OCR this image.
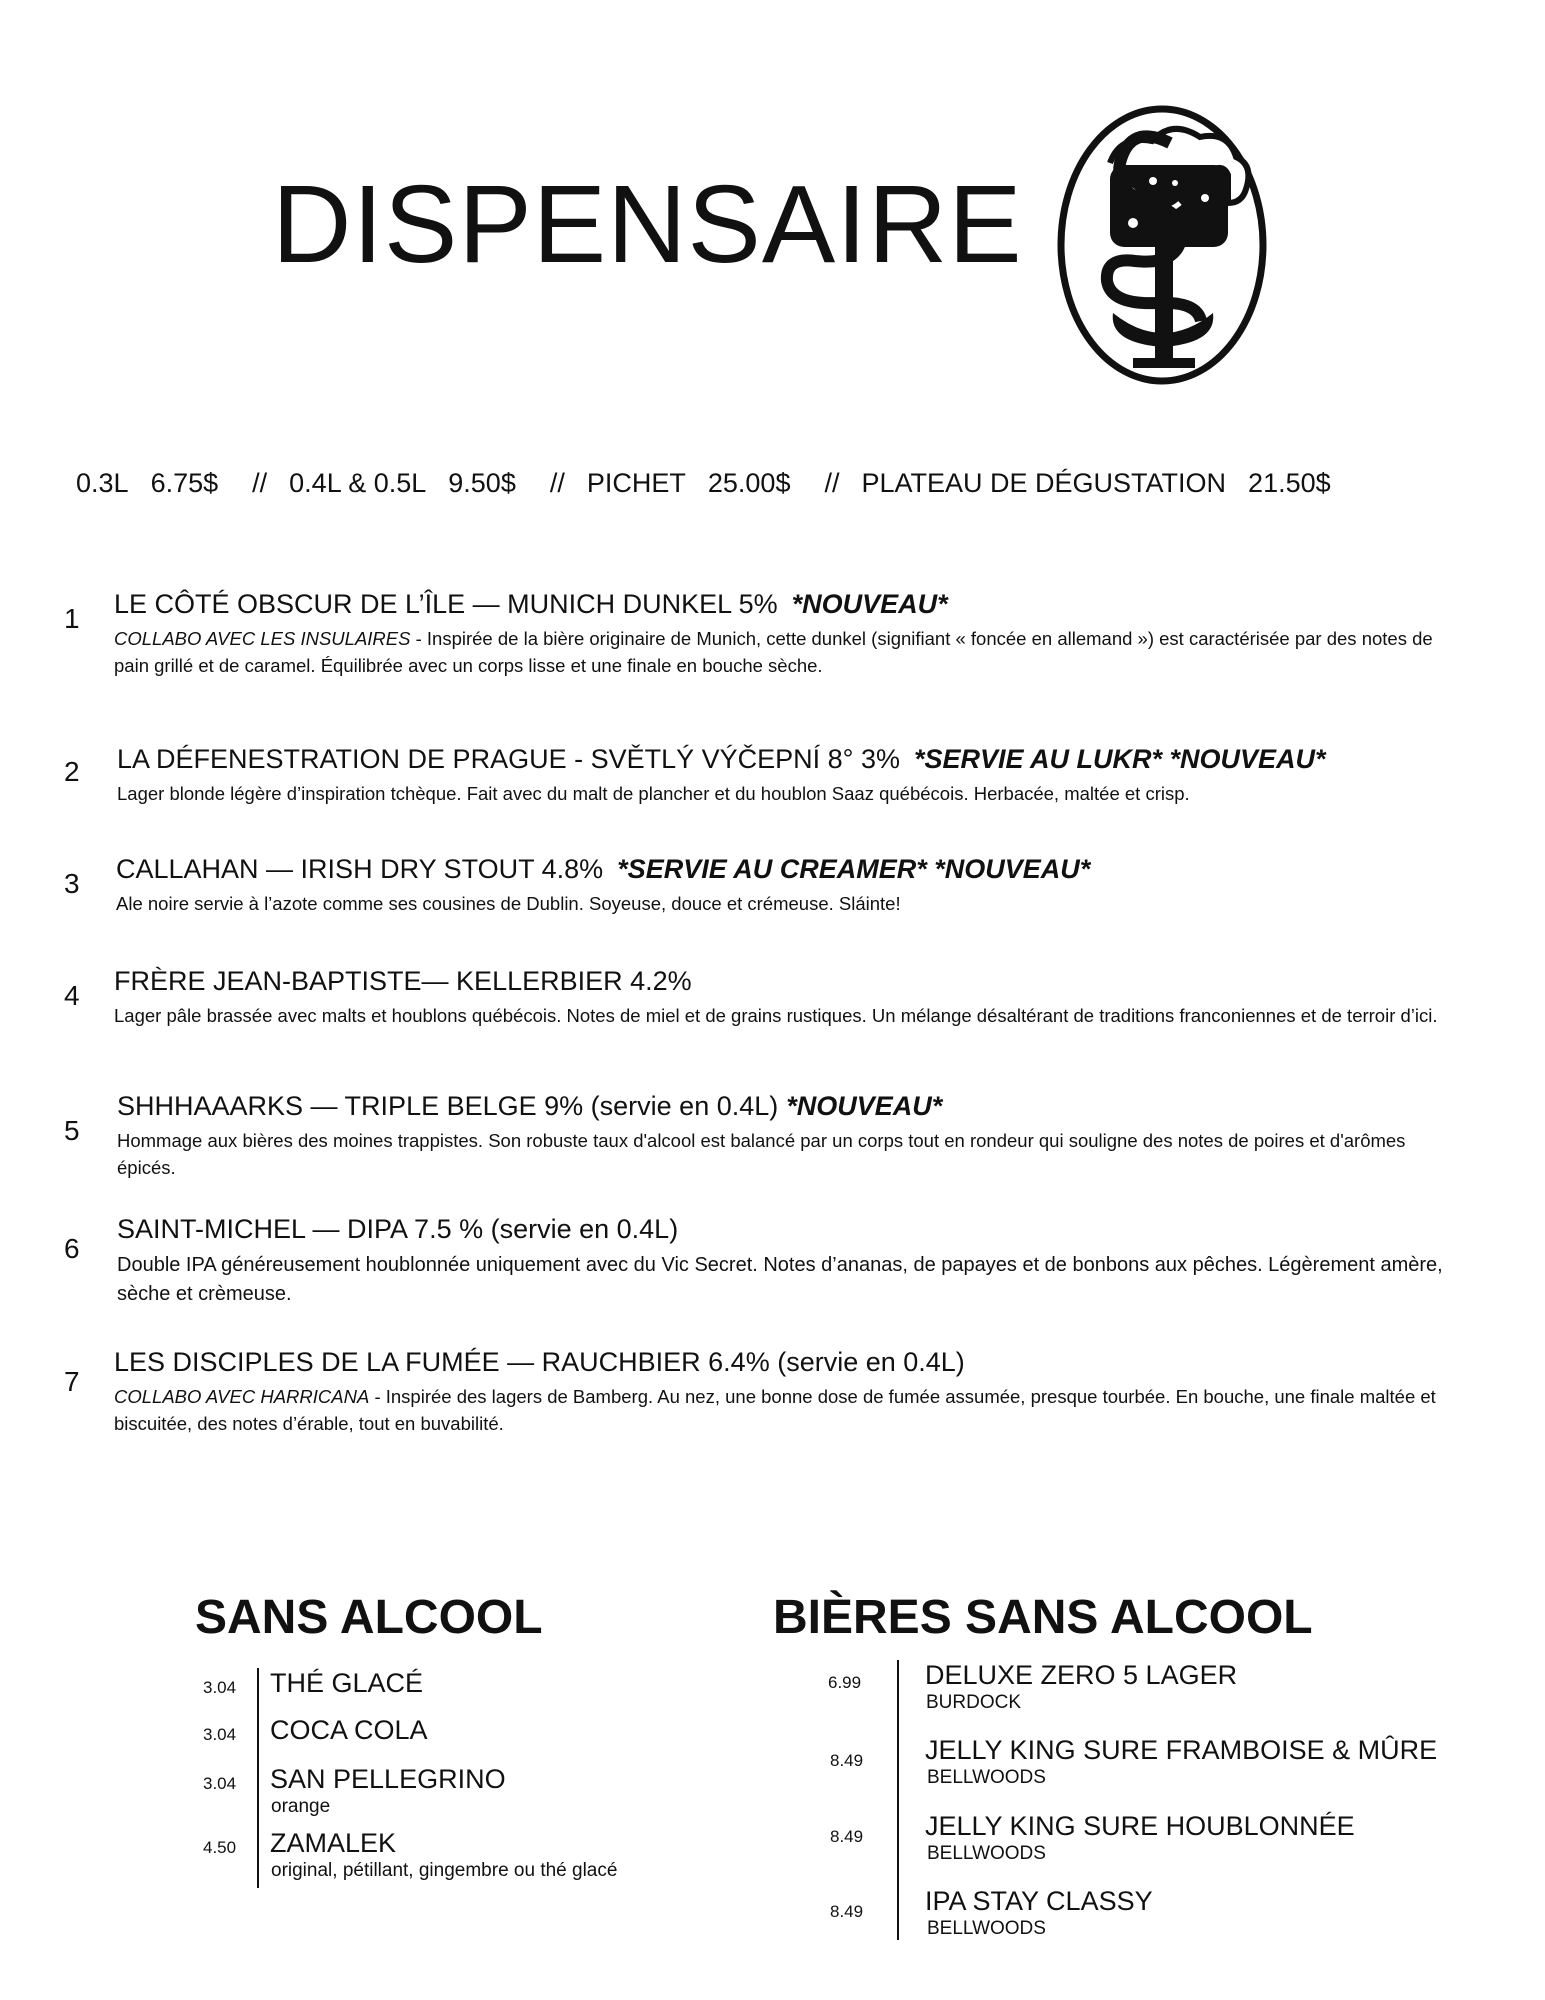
DISPENSAIRE
0.3L 6.75$ // 0.4L & 0.5L 9.50$ // PICHET 25.00$ // PLATEAU DE DÉGUSTATION 21.50$
1 LE CÔTÉ OBSCUR DE L’ÎLE — MUNICH DUNKEL 5% *NOUVEAU*
COLLABO AVEC LES INSULAIRES - Inspirée de la bière originaire de Munich, cette dunkel (signifiant « foncée en allemand ») est caractérisée par des notes de pain grillé et de caramel. Équilibrée avec un corps lisse et une finale en bouche sèche.
2 LA DÉFENESTRATION DE PRAGUE - SVĚTLÝ VÝČEPNÍ 8° 3% *SERVIE AU LUKR* *NOUVEAU*
Lager blonde légère d’inspiration tchèque. Fait avec du malt de plancher et du houblon Saaz québécois. Herbacée, maltée et crisp.
3 CALLAHAN — IRISH DRY STOUT 4.8% *SERVIE AU CREAMER* *NOUVEAU*
Ale noire servie à l’azote comme ses cousines de Dublin. Soyeuse, douce et crémeuse. Sláinte!
4 FRÈRE JEAN-BAPTISTE— KELLERBIER 4.2%
Lager pâle brassée avec malts et houblons québécois. Notes de miel et de grains rustiques. Un mélange désaltérant de traditions franconiennes et de terroir d’ici.
5
SHHHAAARKS — TRIPLE BELGE 9% (servie en 0.4L) *NOUVEAU*
Hommage aux bières des moines trappistes. Son robuste taux d'alcool est balancé par un corps tout en rondeur qui souligne des notes de poires et d'arômes épicés.
6
SAINT-MICHEL — DIPA 7.5 % (servie en 0.4L)
Double IPA généreusement houblonnée uniquement avec du Vic Secret. Notes d’ananas, de papayes et de bonbons aux pêches. Légèrement amère, sèche et crèmeuse.
7
LES DISCIPLES DE LA FUMÉE — RAUCHBIER 6.4% (servie en 0.4L)
COLLABO AVEC HARRICANA - Inspirée des lagers de Bamberg. Au nez, une bonne dose de fumée assumée, presque tourbée. En bouche, une finale maltée et biscuitée, des notes d’érable, tout en buvabilité.
SANS ALCOOL
3.04 THÉ GLACÉ
3.04 COCA COLA
3.04 SAN PELLEGRINO
orange
4.50 ZAMALEK
original, pétillant, gingembre ou thé glacé
BIÈRES SANS ALCOOL
6.99 DELUXE ZERO 5 LAGER
BURDOCK
8.49 JELLY KING SURE FRAMBOISE & MÛRE
BELLWOODS
8.49 JELLY KING SURE HOUBLONNÉE
BELLWOODS
8.49 IPA STAY CLASSY
BELLWOODS
